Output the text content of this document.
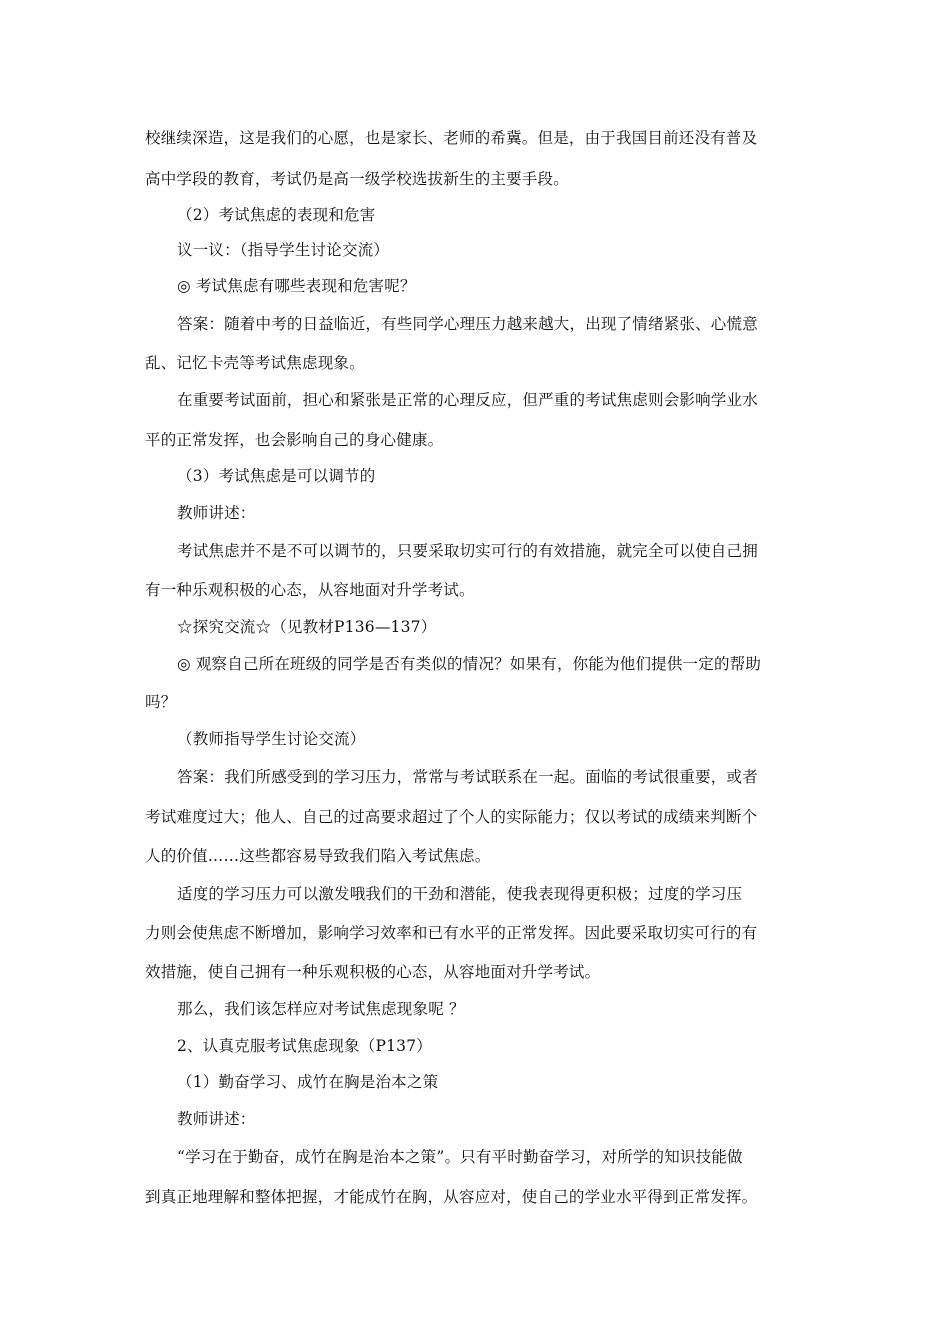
校继续深造，这是我们的心愿，也是家长、老师的希冀。但是，由于我国目前还没有普及
高中学段的教育，考试仍是高一级学校选拔新生的主要手段。
（2）考试焦虑的表现和危害
议一议：（指导学生讨论交流）
◎ 考试焦虑有哪些表现和危害呢？
答案：随着中考的日益临近，有些同学心理压力越来越大，出现了情绪紧张、心慌意
乱、记忆卡壳等考试焦虑现象。
在重要考试面前，担心和紧张是正常的心理反应，但严重的考试焦虑则会影响学业水
平的正常发挥，也会影响自己的身心健康。
（3）考试焦虑是可以调节的
教师讲述：
考试焦虑并不是不可以调节的，只要采取切实可行的有效措施，就完全可以使自己拥
有一种乐观积极的心态，从容地面对升学考试。
☆探究交流☆（见教材P136—137）
◎ 观察自己所在班级的同学是否有类似的情况？如果有，你能为他们提供一定的帮助
吗？
（教师指导学生讨论交流）
答案：我们所感受到的学习压力，常常与考试联系在一起。面临的考试很重要，或者
考试难度过大；他人、自己的过高要求超过了个人的实际能力；仅以考试的成绩来判断个
人的价值……这些都容易导致我们陷入考试焦虑。
适度的学习压力可以激发哦我们的干劲和潜能，使我表现得更积极；过度的学习压
力则会使焦虑不断增加，影响学习效率和已有水平的正常发挥。因此要采取切实可行的有
效措施，使自己拥有一种乐观积极的心态，从容地面对升学考试。
那么，我们该怎样应对考试焦虑现象呢 ？
2、认真克服考试焦虑现象（P137）
（1）勤奋学习、成竹在胸是治本之策
教师讲述：
“学习在于勤奋，成竹在胸是治本之策”。只有平时勤奋学习，对所学的知识技能做
到真正地理解和整体把握，才能成竹在胸，从容应对，使自己的学业水平得到正常发挥。
